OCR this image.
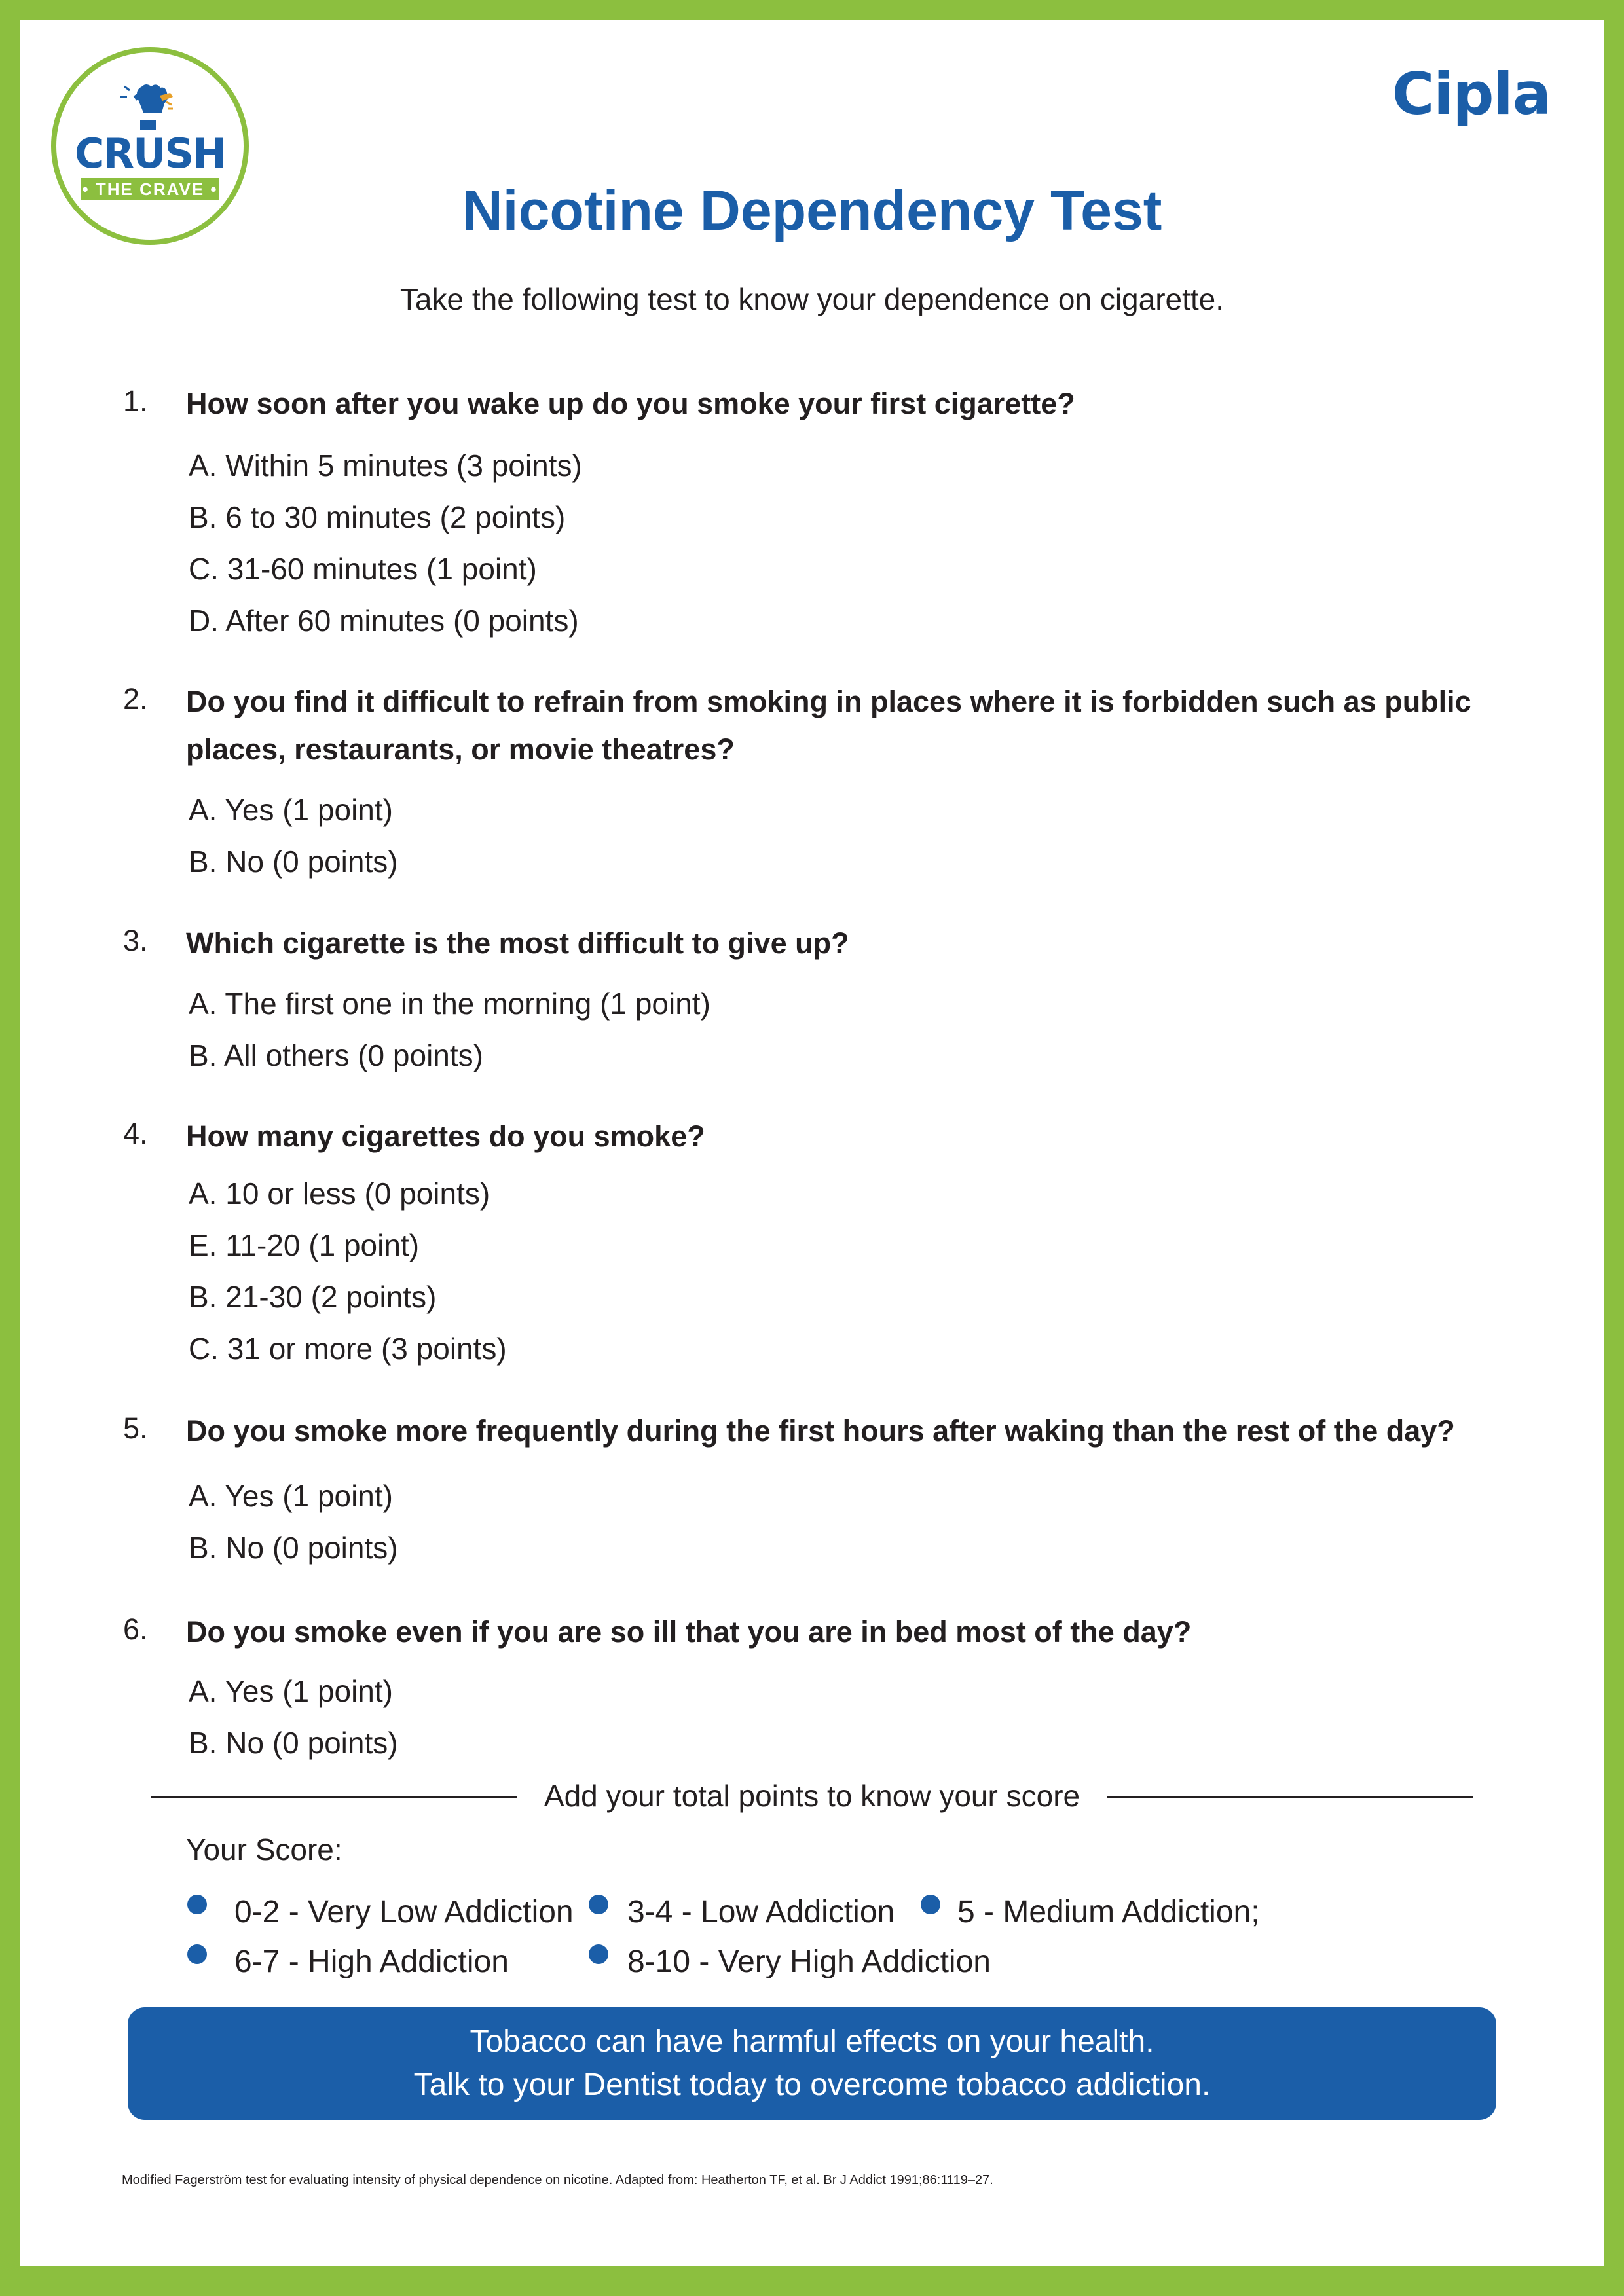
CRUSH
• THE CRAVE •
Cipla
Nicotine Dependency Test
Take the following test to know your dependence on cigarette.
1. How soon after you wake up do you smoke your first cigarette?
A. Within 5 minutes (3 points)
B. 6 to 30 minutes (2 points)
C. 31-60 minutes (1 point)
D. After 60 minutes (0 points)
2. Do you find it difficult to refrain from smoking in places where it is forbidden such as public places, restaurants, or movie theatres?
A. Yes (1 point)
B. No (0 points)
3. Which cigarette is the most difficult to give up?
A. The first one in the morning (1 point)
B. All others (0 points)
4. How many cigarettes do you smoke?
A. 10 or less (0 points)
E. 11-20 (1 point)
B. 21-30 (2 points)
C. 31 or more (3 points)
5. Do you smoke more frequently during the first hours after waking than the rest of the day?
A. Yes (1 point)
B. No (0 points)
6. Do you smoke even if you are so ill that you are in bed most of the day?
A. Yes (1 point)
B. No (0 points)
Add your total points to know your score
Your Score:
0-2 - Very Low Addiction 3-4 - Low Addiction 5 - Medium Addiction;
6-7 - High Addiction	8-10 - Very High Addiction
Tobacco can have harmful effects on your health.
Talk to your Dentist today to overcome tobacco addiction.
Modified Fagerström test for evaluating intensity of physical dependence on nicotine. Adapted from: Heatherton TF, et al. Br J Addict 1991;86:1119–27.
